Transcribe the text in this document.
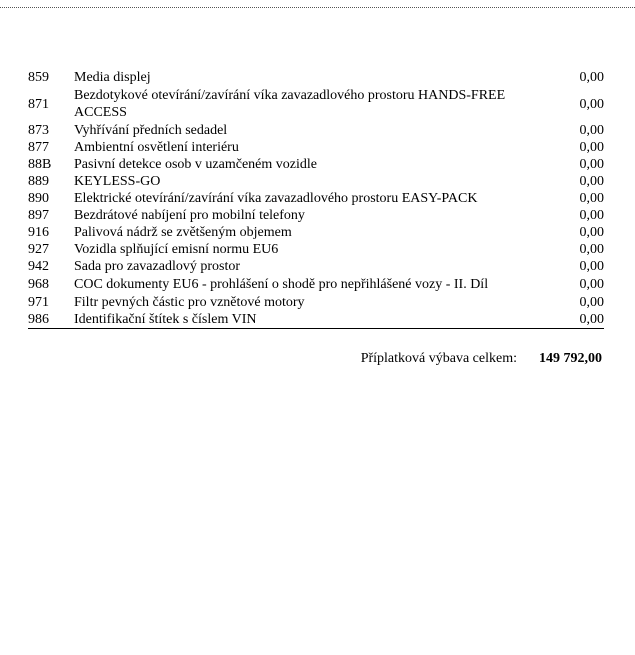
859	Media displej	0,00
871	Bezdotykové otevírání/zavírání víka zavazadlového prostoru HANDS-FREE ACCESS	0,00
873	Vyhřívání předních sedadel	0,00
877	Ambientní osvětlení interiéru	0,00
88B	Pasivní detekce osob v uzamčeném vozidle	0,00
889	KEYLESS-GO	0,00
890	Elektrické otevírání/zavírání víka zavazadlového prostoru EASY-PACK	0,00
897	Bezdrátové nabíjení pro mobilní telefony	0,00
916	Palivová nádrž se zvětšeným objemem	0,00
927	Vozidla splňující emisní normu EU6	0,00
942	Sada pro zavazadlový prostor	0,00
968	COC dokumenty EU6 - prohlášení o shodě pro nepřihlášené vozy - II. Díl	0,00
971	Filtr pevných částic pro vznětové motory	0,00
986	Identifikační štítek s číslem VIN	0,00
Příplatková výbava celkem: 149 792,00
